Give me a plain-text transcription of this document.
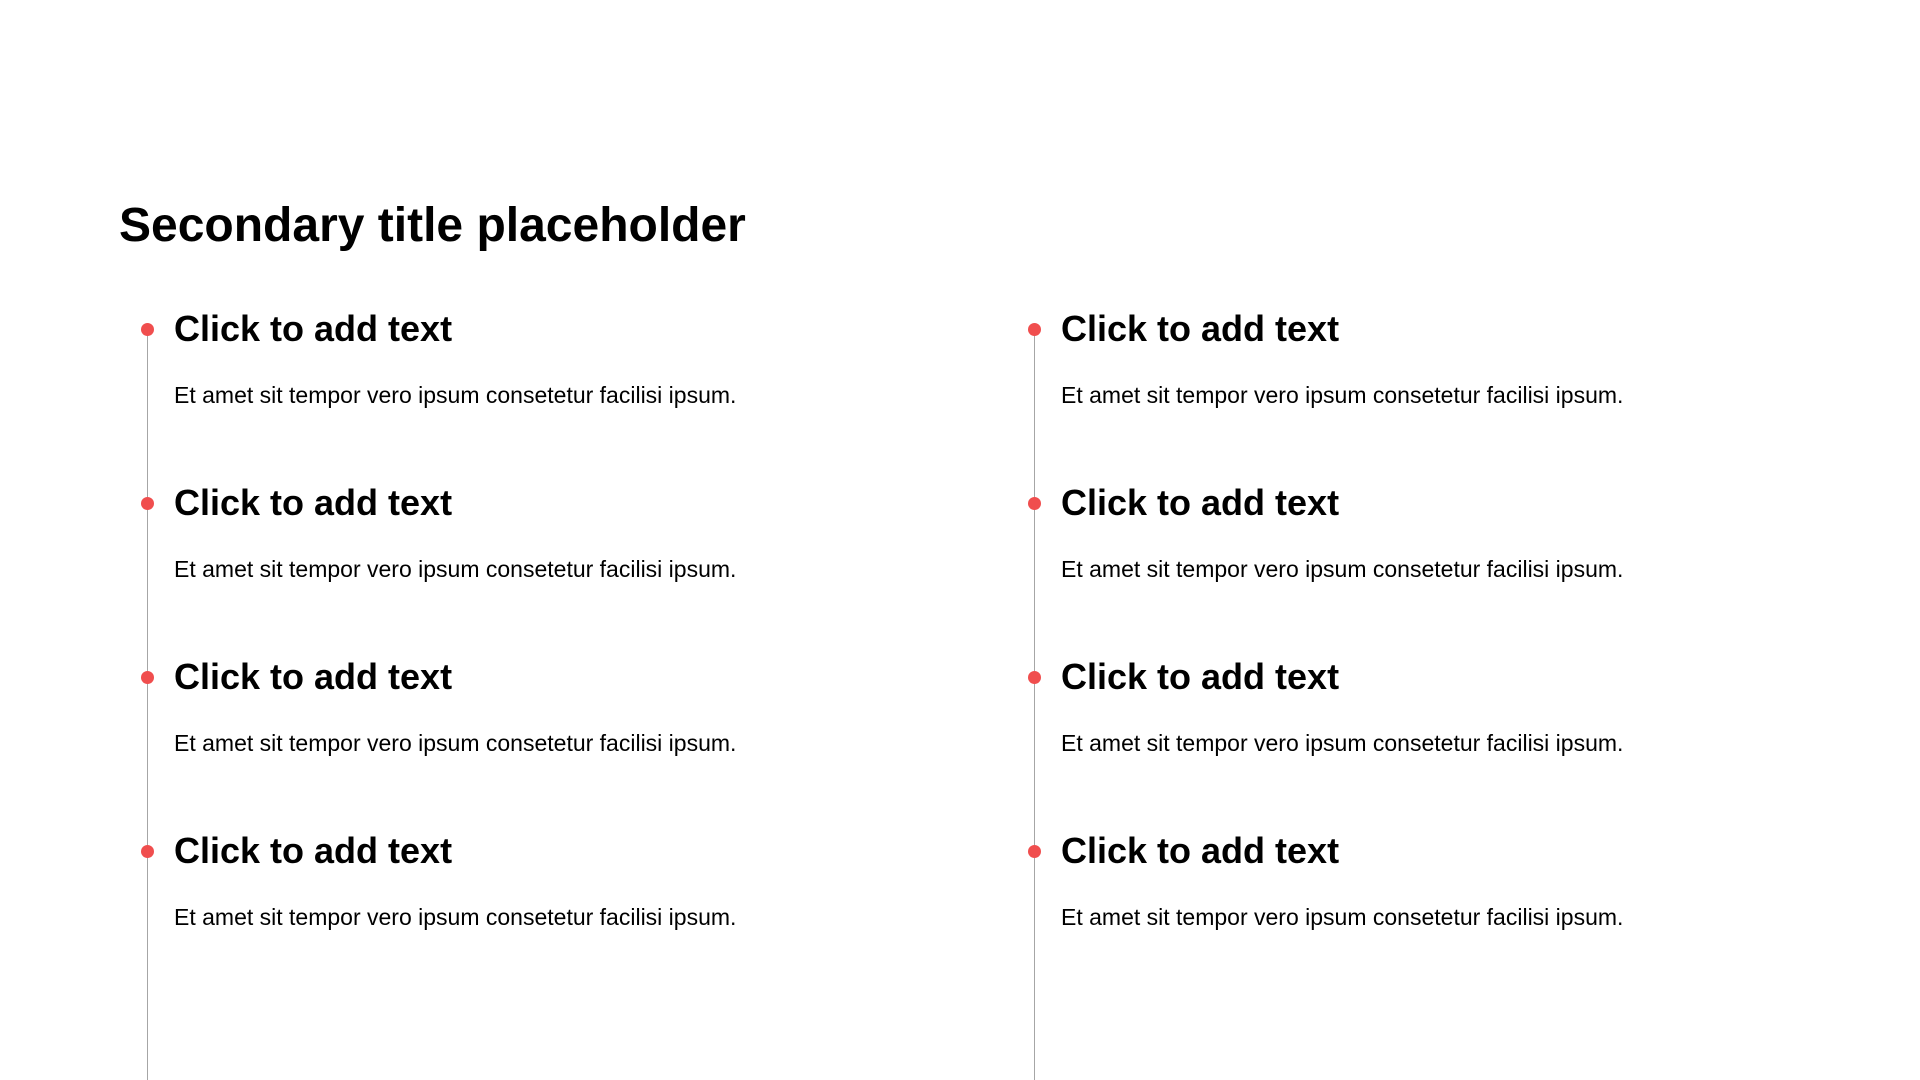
Secondary title placeholder
Click to add text
Et amet sit tempor vero ipsum consetetur facilisi ipsum.
Click to add text
Et amet sit tempor vero ipsum consetetur facilisi ipsum.
Click to add text
Et amet sit tempor vero ipsum consetetur facilisi ipsum.
Click to add text
Et amet sit tempor vero ipsum consetetur facilisi ipsum.
Click to add text
Et amet sit tempor vero ipsum consetetur facilisi ipsum.
Click to add text
Et amet sit tempor vero ipsum consetetur facilisi ipsum.
Click to add text
Et amet sit tempor vero ipsum consetetur facilisi ipsum.
Click to add text
Et amet sit tempor vero ipsum consetetur facilisi ipsum.
